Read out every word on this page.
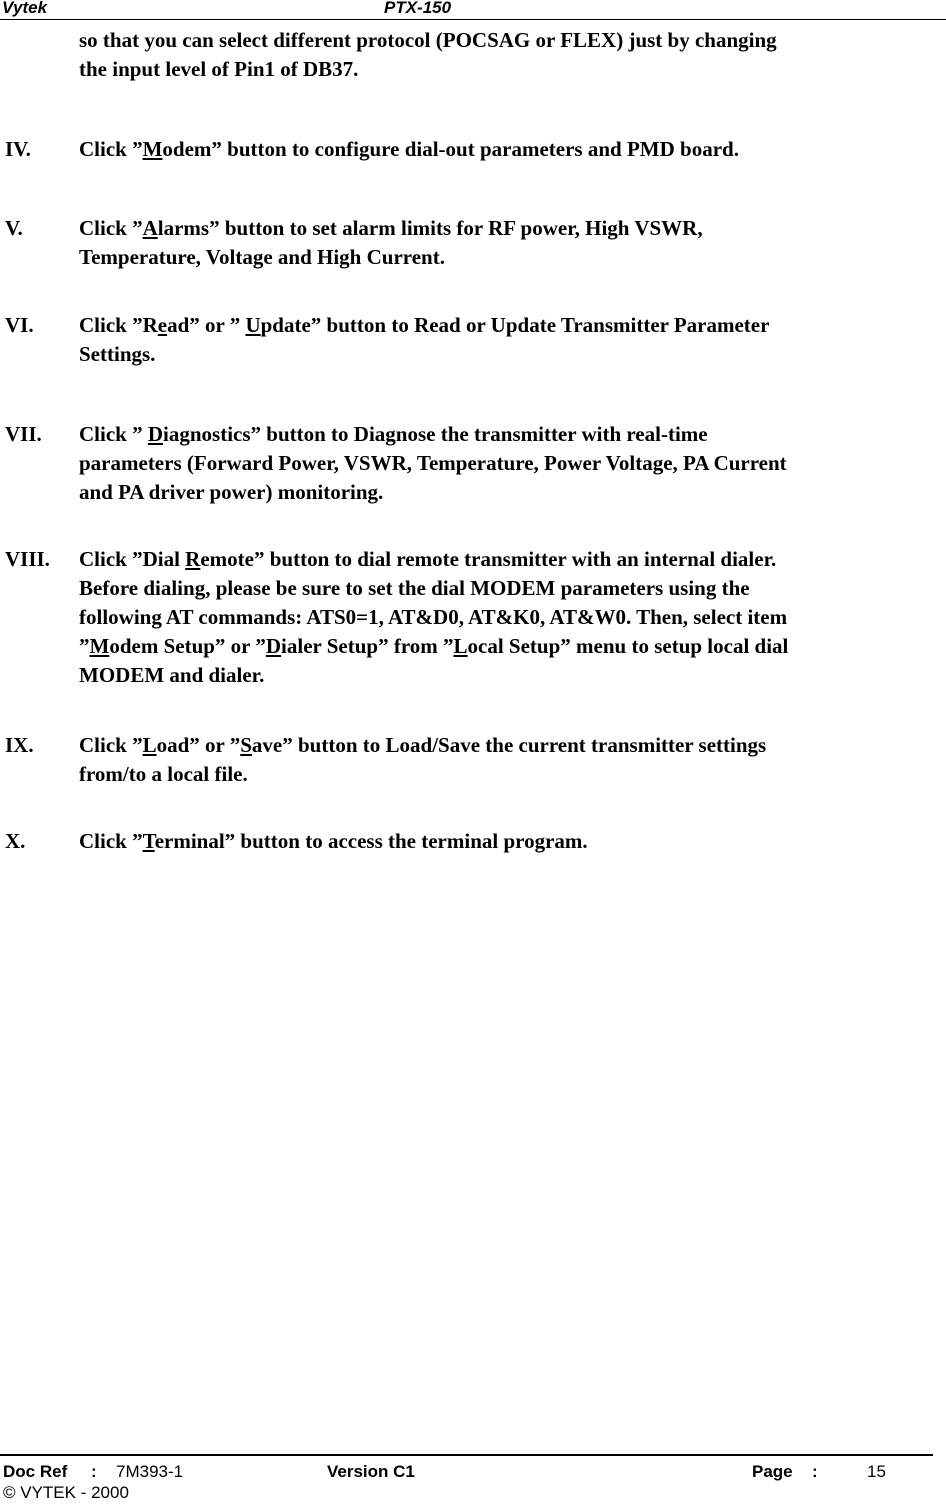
Vytek	PTX-150
so that you can select different protocol (POCSAG or FLEX) just by changing
the input level of Pin1 of DB37.
IV. Click ”Modem” button to configure dial-out parameters and PMD board.
V.	Click ”Alarms” button to set alarm limits for RF power, High VSWR,
Temperature, Voltage and High Current.
VI. Click ”Read” or ” Update” button to Read or Update Transmitter Parameter
Settings.
VII. Click ” Diagnostics” button to Diagnose the transmitter with real-time
parameters (Forward Power, VSWR, Temperature, Power Voltage, PA Current
and PA driver power) monitoring.
VIII. Click ”Dial Remote” button to dial remote transmitter with an internal dialer.
Before dialing, please be sure to set the dial MODEM parameters using the
following AT commands: ATS0=1, AT&D0, AT&K0, AT&W0. Then, select item
”Modem Setup” or ”Dialer Setup” from ”Local Setup” menu to setup local dial
MODEM and dialer.
IX. Click ”Load” or ”Save” button to Load/Save the current transmitter settings
from/to a local file.
X.	Click ”Terminal” button to access the terminal program.
Doc Ref : 7M393-1	Version C1	Page :	15
© VYTEK - 2000
